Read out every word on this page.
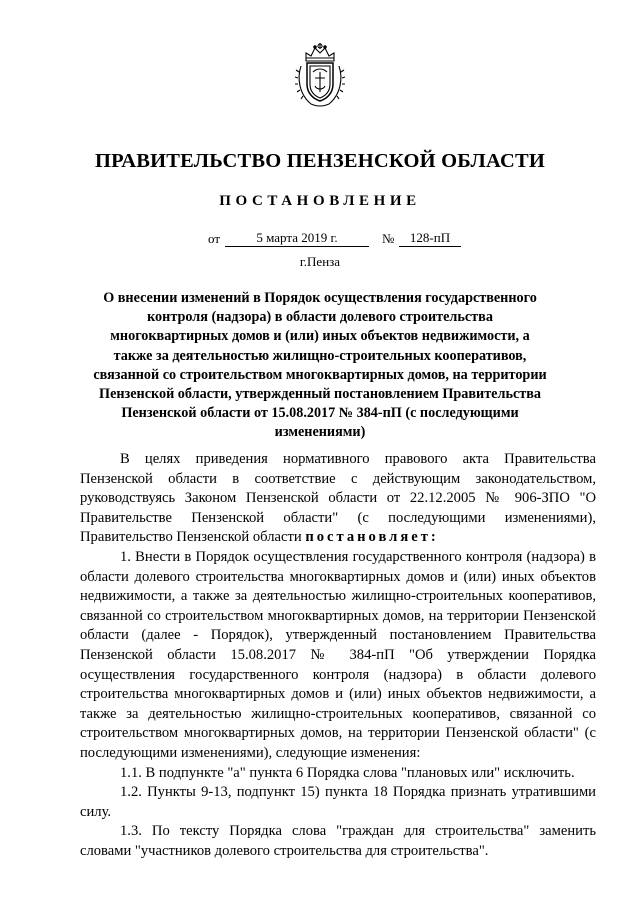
ПРАВИТЕЛЬСТВО ПЕНЗЕНСКОЙ ОБЛАСТИ
ПОСТАНОВЛЕНИЕ
от	5 марта 2019 г.	№	128-пП
г.Пенза
О внесении изменений в Порядок осуществления государственного контроля (надзора) в области долевого строительства многоквартирных домов и (или) иных объектов недвижимости, а также за деятельностью жилищно-строительных кооперативов, связанной со строительством многоквартирных домов, на территории Пензенской области, утвержденный постановлением Правительства Пензенской области от 15.08.2017 № 384-пП (с последующими изменениями)

В целях приведения нормативного правового акта Правительства Пензенской области в соответствие с действующим законодательством, руководствуясь Законом Пензенской области от 22.12.2005 № 906-ЗПО "О Правительстве Пензенской области" (с последующими изменениями), Правительство Пензенской области постановляет:

1. Внести в Порядок осуществления государственного контроля (надзора) в области долевого строительства многоквартирных домов и (или) иных объектов недвижимости, а также за деятельностью жилищно-строительных кооперативов, связанной со строительством многоквартирных домов, на территории Пензенской области (далее - Порядок), утвержденный постановлением Правительства Пензенской области 15.08.2017 № 384-пП "Об утверждении Порядка осуществления государственного контроля (надзора) в области долевого строительства многоквартирных домов и (или) иных объектов недвижимости, а также за деятельностью жилищно-строительных кооперативов, связанной со строительством многоквартирных домов, на территории Пензенской области" (с последующими изменениями), следующие изменения:

1.1. В подпункте "а" пункта 6 Порядка слова "плановых или" исключить.

1.2. Пункты 9-13, подпункт 15) пункта 18 Порядка признать утратившими силу.

1.3. По тексту Порядка слова "граждан для строительства" заменить словами "участников долевого строительства для строительства".
